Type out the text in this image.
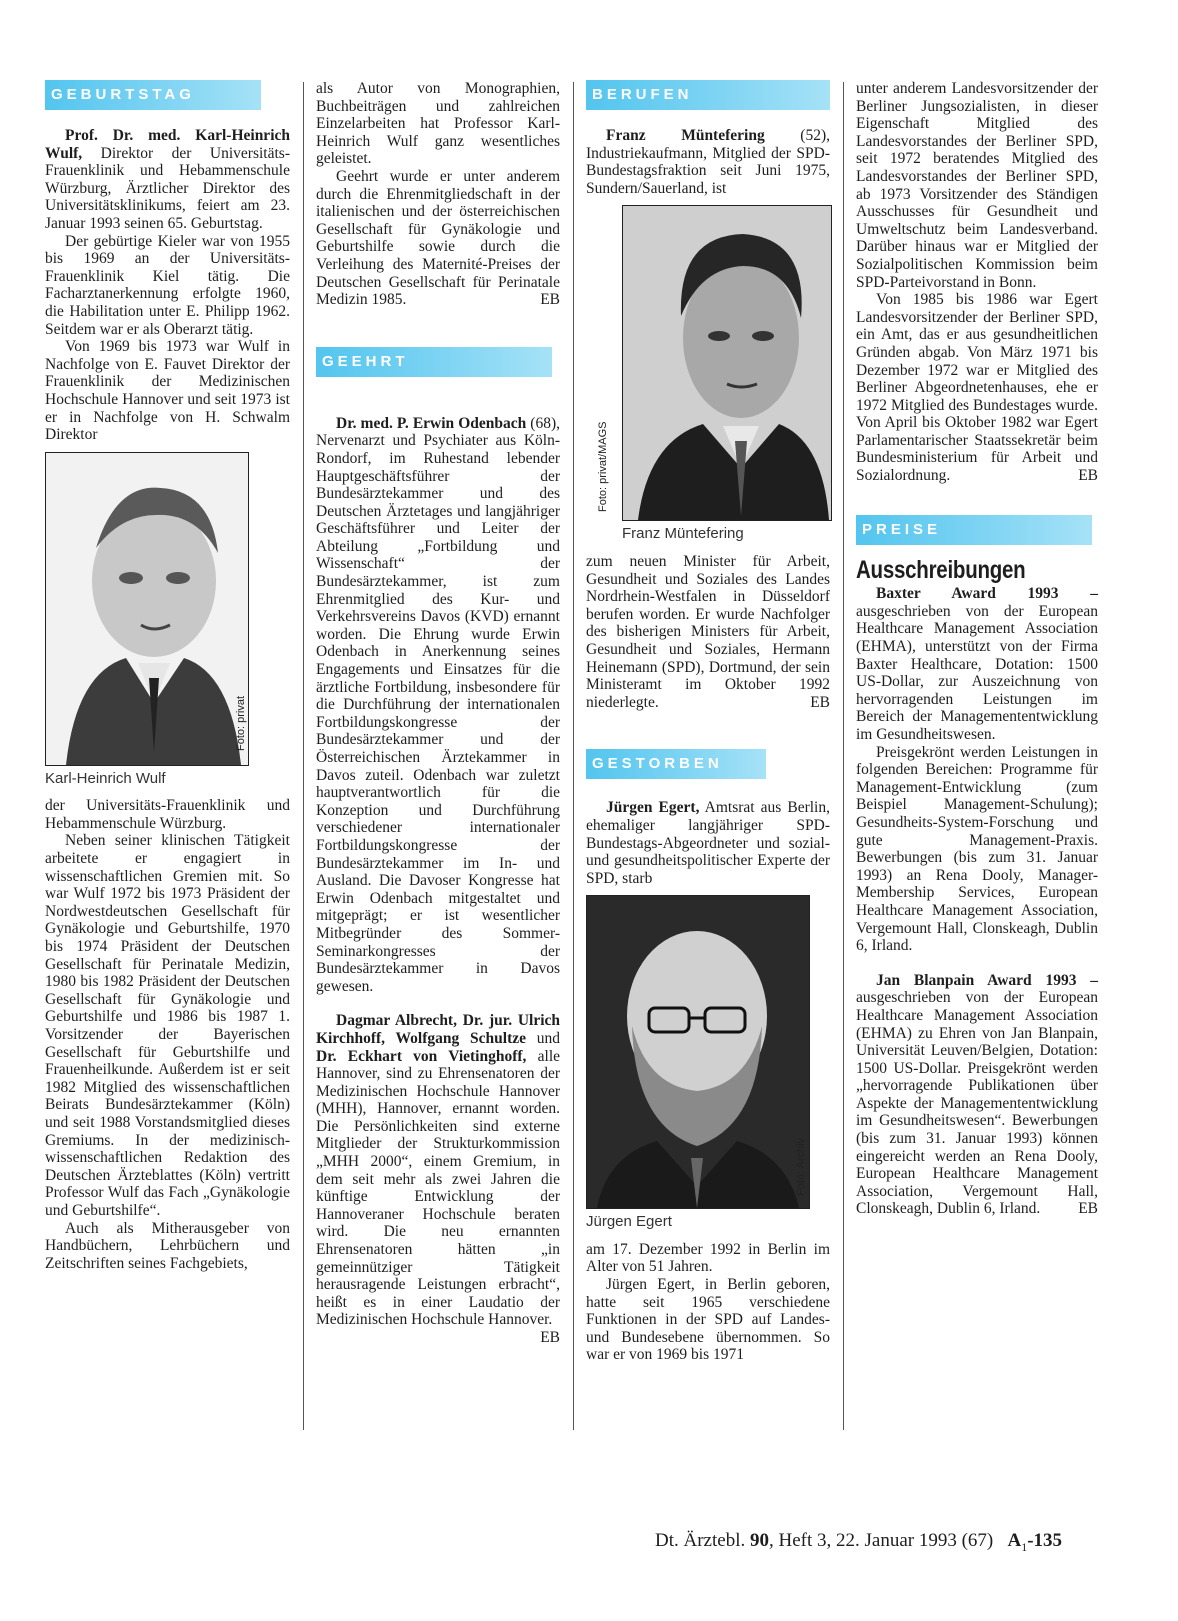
GEBURTSTAG

Prof. Dr. med. Karl-Heinrich Wulf, Direktor der Universitäts-Frauenklinik und Hebammenschule Würzburg, Ärztlicher Direktor des Universitätsklinikums, feiert am 23. Januar 1993 seinen 65. Geburtstag.

Der gebürtige Kieler war von 1955 bis 1969 an der Universitäts-Frauenklinik Kiel tätig. Die Facharztanerkennung erfolgte 1960, die Habilitation unter E. Philipp 1962. Seitdem war er als Oberarzt tätig.

Von 1969 bis 1973 war Wulf in Nachfolge von E. Fauvet Direktor der Frauenklinik der Medizinischen Hochschule Hannover und seit 1973 ist er in Nachfolge von H. Schwalm Direktor

Foto: privat
Karl-Heinrich Wulf

der Universitäts-Frauenklinik und Hebammenschule Würzburg.

Neben seiner klinischen Tätigkeit arbeitete er engagiert in wissenschaftlichen Gremien mit. So war Wulf 1972 bis 1973 Präsident der Nordwestdeutschen Gesellschaft für Gynäkologie und Geburtshilfe, 1970 bis 1974 Präsident der Deutschen Gesellschaft für Perinatale Medizin, 1980 bis 1982 Präsident der Deutschen Gesellschaft für Gynäkologie und Geburtshilfe und 1986 bis 1987 1. Vorsitzender der Bayerischen Gesellschaft für Geburtshilfe und Frauenheilkunde. Außerdem ist er seit 1982 Mitglied des wissenschaftlichen Beirats Bundesärztekammer (Köln) und seit 1988 Vorstandsmitglied dieses Gremiums. In der medizinisch-wissenschaftlichen Redaktion des Deutschen Ärzteblattes (Köln) vertritt Professor Wulf das Fach „Gynäkologie und Geburtshilfe“.

Auch als Mitherausgeber von Handbüchern, Lehrbüchern und Zeitschriften seines Fachgebiets,

als Autor von Monographien, Buchbeiträgen und zahlreichen Einzelarbeiten hat Professor Karl-Heinrich Wulf ganz wesentliches geleistet.

Geehrt wurde er unter anderem durch die Ehrenmitgliedschaft in der italienischen und der österreichischen Gesellschaft für Gynäkologie und Geburtshilfe sowie durch die Verleihung des Maternité-Preises der Deutschen Gesellschaft für Perinatale Medizin 1985.	EB

GEEHRT

Dr. med. P. Erwin Odenbach (68), Nervenarzt und Psychiater aus Köln-Rondorf, im Ruhestand lebender Hauptgeschäftsführer der Bundesärztekammer und des Deutschen Ärztetages und langjähriger Geschäftsführer und Leiter der Abteilung „Fortbildung und Wissenschaft“ der Bundesärztekammer, ist zum Ehrenmitglied des Kur- und Verkehrsvereins Davos (KVD) ernannt worden. Die Ehrung wurde Erwin Odenbach in Anerkennung seines Engagements und Einsatzes für die ärztliche Fortbildung, insbesondere für die Durchführung der internationalen Fortbildungskongresse der Bundesärztekammer und der Österreichischen Ärztekammer in Davos zuteil. Odenbach war zuletzt hauptverantwortlich für die Konzeption und Durchführung verschiedener internationaler Fortbildungskongresse der Bundesärztekammer im In- und Ausland. Die Davoser Kongresse hat Erwin Odenbach mitgestaltet und mitgeprägt; er ist wesentlicher Mitbegründer des Sommer-Seminarkongresses der Bundesärztekammer in Davos gewesen.

Dagmar Albrecht, Dr. jur. Ulrich Kirchhoff, Wolfgang Schultze und Dr. Eckhart von Vietinghoff, alle Hannover, sind zu Ehrensenatoren der Medizinischen Hochschule Hannover (MHH), Hannover, ernannt worden. Die Persönlichkeiten sind externe Mitglieder der Strukturkommission „MHH 2000“, einem Gremium, in dem seit mehr als zwei Jahren die künftige Entwicklung der Hannoveraner Hochschule beraten wird. Die neu ernannten Ehrensenatoren hätten „in gemeinnütziger Tätigkeit herausragende Leistungen erbracht“, heißt es in einer Laudatio der Medizinischen Hochschule Hannover.
EB

BERUFEN

Franz Müntefering (52), Industriekaufmann, Mitglied der SPD-Bundestagsfraktion seit Juni 1975, Sundern/Sauerland, ist

Foto: privat/MAGS
Franz Müntefering

zum neuen Minister für Arbeit, Gesundheit und Soziales des Landes Nordrhein-Westfalen in Düsseldorf berufen worden. Er wurde Nachfolger des bisherigen Ministers für Arbeit, Gesundheit und Soziales, Hermann Heinemann (SPD), Dortmund, der sein Ministeramt im Oktober 1992 niederlegte.	EB

GESTORBEN

Jürgen Egert, Amtsrat aus Berlin, ehemaliger langjähriger SPD-Bundestags-Abgeordneter und sozial- und gesundheitspolitischer Experte der SPD, starb

Foto: Archiv
Jürgen Egert

am 17. Dezember 1992 in Berlin im Alter von 51 Jahren.

Jürgen Egert, in Berlin geboren, hatte seit 1965 verschiedene Funktionen in der SPD auf Landes- und Bundesebene übernommen. So war er von 1969 bis 1971

unter anderem Landesvorsitzender der Berliner Jungsozialisten, in dieser Eigenschaft Mitglied des Landesvorstandes der Berliner SPD, seit 1972 beratendes Mitglied des Landesvorstandes der Berliner SPD, ab 1973 Vorsitzender des Ständigen Ausschusses für Gesundheit und Umweltschutz beim Landesverband. Darüber hinaus war er Mitglied der Sozialpolitischen Kommission beim SPD-Parteivorstand in Bonn.

Von 1985 bis 1986 war Egert Landesvorsitzender der Berliner SPD, ein Amt, das er aus gesundheitlichen Gründen abgab. Von März 1971 bis Dezember 1972 war er Mitglied des Berliner Abgeordnetenhauses, ehe er 1972 Mitglied des Bundestages wurde. Von April bis Oktober 1982 war Egert Parlamentarischer Staatssekretär beim Bundesministerium für Arbeit und Sozialordnung.	EB

PREISE
Ausschreibungen

Baxter Award 1993 – ausgeschrieben von der European Healthcare Management Association (EHMA), unterstützt von der Firma Baxter Healthcare, Dotation: 1500 US-Dollar, zur Auszeichnung von hervorragenden Leistungen im Bereich der Managemententwicklung im Gesundheitswesen.

Preisgekrönt werden Leistungen in folgenden Bereichen: Programme für Management-Entwicklung (zum Beispiel Management-Schulung); Gesundheits-System-Forschung und gute Management-Praxis. Bewerbungen (bis zum 31. Januar 1993) an Rena Dooly, Manager-Membership Services, European Healthcare Management Association, Vergemount Hall, Clonskeagh, Dublin 6, Irland.

Jan Blanpain Award 1993 – ausgeschrieben von der European Healthcare Management Association (EHMA) zu Ehren von Jan Blanpain, Universität Leuven/Belgien, Dotation: 1500 US-Dollar. Preisgekrönt werden „hervorragende Publikationen über Aspekte der Managemententwicklung im Gesundheitswesen“. Bewerbungen (bis zum 31. Januar 1993) können eingereicht werden an Rena Dooly, European Healthcare Management Association, Vergemount Hall, Clonskeagh, Dublin 6, Irland.	EB

Dt. Ärztebl. 90, Heft 3, 22. Januar 1993 (67) $A_1-135$
